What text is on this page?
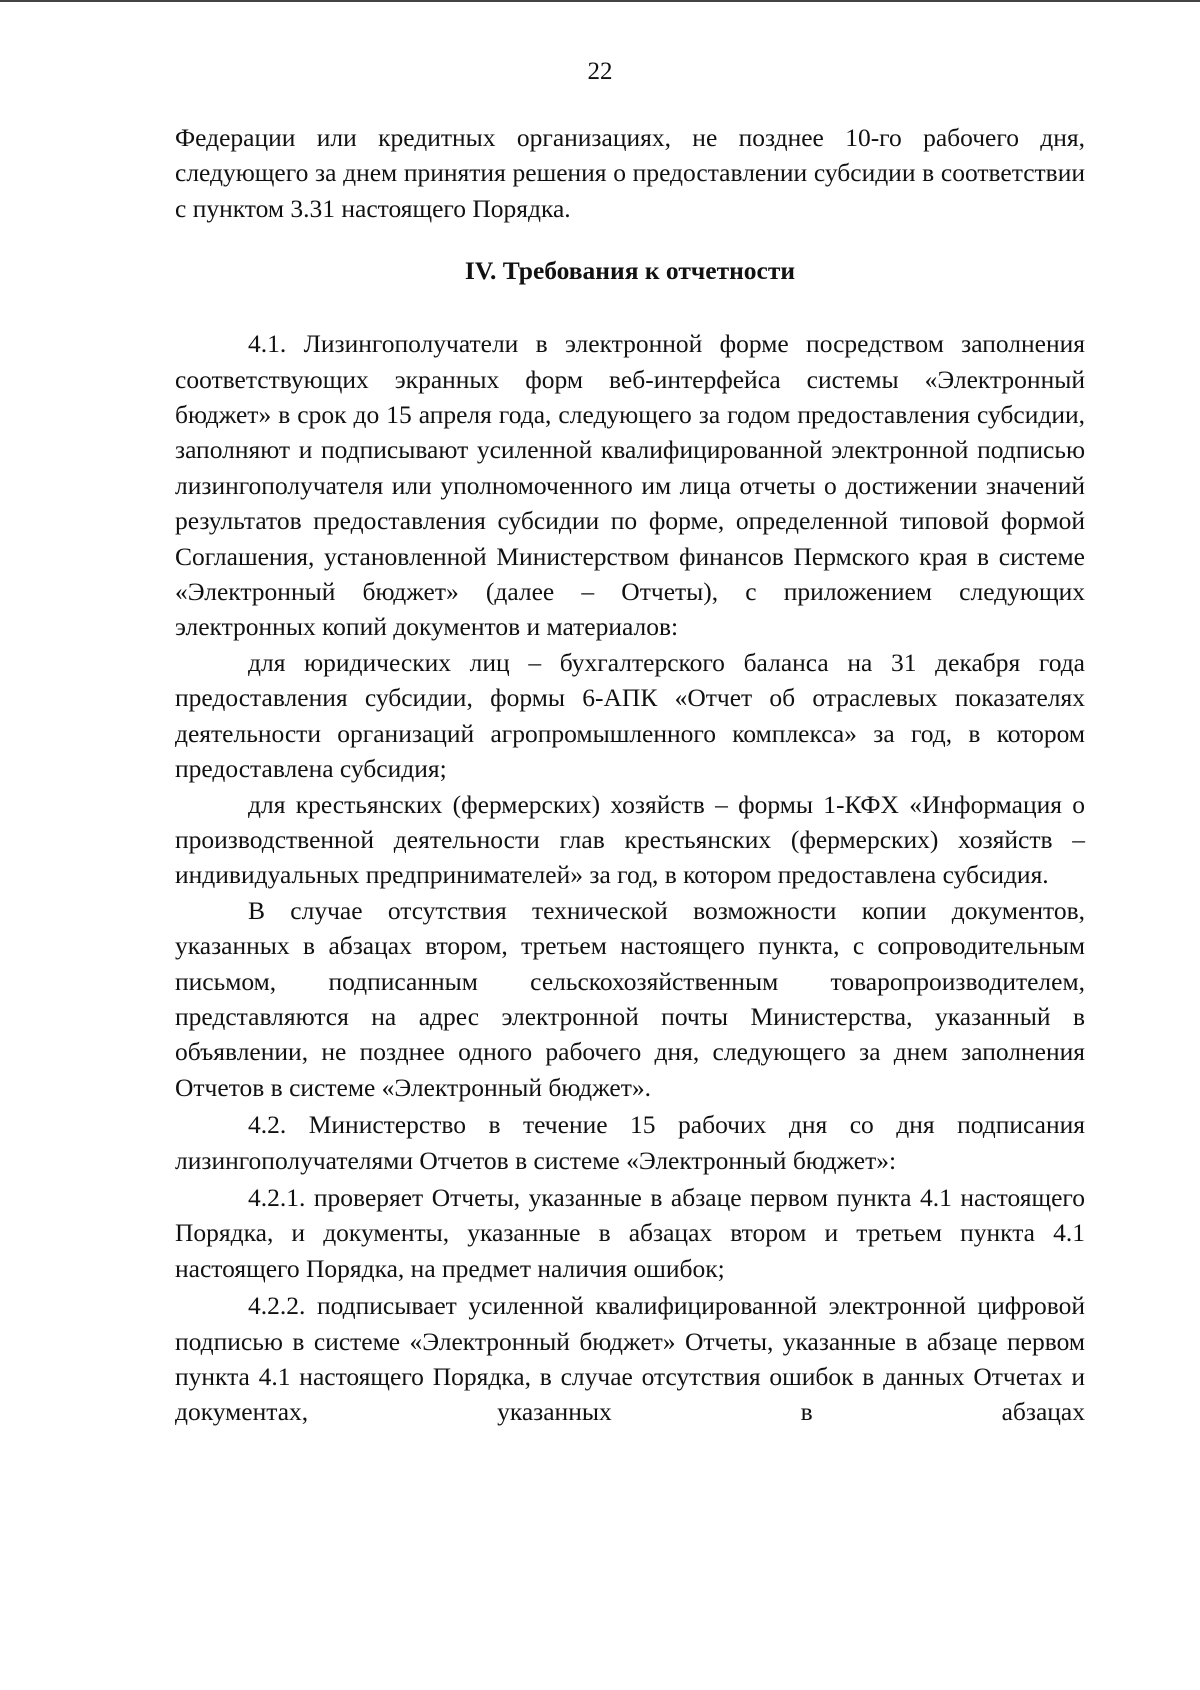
22

Федерации или кредитных организациях, не позднее 10-го рабочего дня, следующего за днем принятия решения о предоставлении субсидии в соответствии с пунктом 3.31 настоящего Порядка.

IV. Требования к отчетности

4.1. Лизингополучатели в электронной форме посредством заполнения соответствующих экранных форм веб-интерфейса системы «Электронный бюджет» в срок до 15 апреля года, следующего за годом предоставления субсидии, заполняют и подписывают усиленной квалифицированной электронной подписью лизингополучателя или уполномоченного им лица отчеты о достижении значений результатов предоставления субсидии по форме, определенной типовой формой Соглашения, установленной Министерством финансов Пермского края в системе «Электронный бюджет» (далее – Отчеты), с приложением следующих электронных копий документов и материалов:

для юридических лиц – бухгалтерского баланса на 31 декабря года предоставления субсидии, формы 6-АПК «Отчет об отраслевых показателях деятельности организаций агропромышленного комплекса» за год, в котором предоставлена субсидия;

для крестьянских (фермерских) хозяйств – формы 1-КФХ «Информация о производственной деятельности глав крестьянских (фермерских) хозяйств – индивидуальных предпринимателей» за год, в котором предоставлена субсидия.

В случае отсутствия технической возможности копии документов, указанных в абзацах втором, третьем настоящего пункта, с сопроводительным письмом, подписанным сельскохозяйственным товаропроизводителем, представляются на адрес электронной почты Министерства, указанный в объявлении, не позднее одного рабочего дня, следующего за днем заполнения Отчетов в системе «Электронный бюджет».

4.2. Министерство в течение 15 рабочих дня со дня подписания лизингополучателями Отчетов в системе «Электронный бюджет»:

4.2.1. проверяет Отчеты, указанные в абзаце первом пункта 4.1 настоящего Порядка, и документы, указанные в абзацах втором и третьем пункта 4.1 настоящего Порядка, на предмет наличия ошибок;

4.2.2. подписывает усиленной квалифицированной электронной цифровой подписью в системе «Электронный бюджет» Отчеты, указанные в абзаце первом пункта 4.1 настоящего Порядка, в случае отсутствия ошибок в данных Отчетах и документах, указанных в абзацах
